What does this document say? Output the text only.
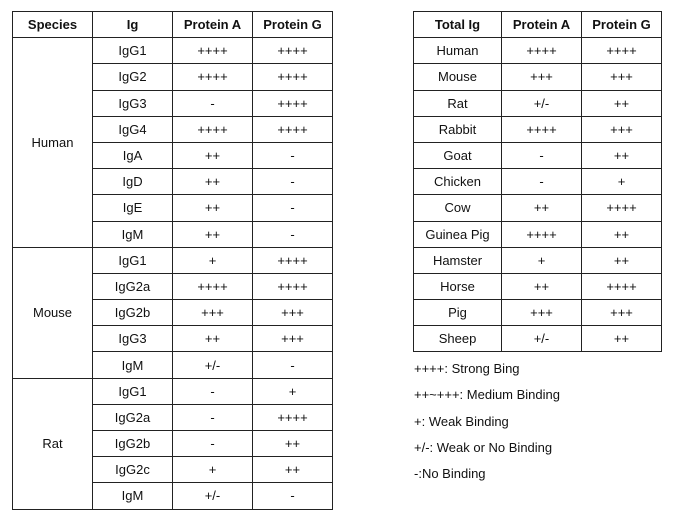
Species	Ig	Protein A	Protein G
Human	IgG1	++++	++++
	IgG2	++++	++++
	IgG3	-	++++
	IgG4	++++	++++
	IgA	++	-
	IgD	++	-
	IgE	++	-
	IgM	++	-
Mouse	IgG1	+	++++
	IgG2a	++++	++++
	IgG2b	+++	+++
	IgG3	++	+++
	IgM	+/-	-
Rat	IgG1	-	+
	IgG2a	-	++++
	IgG2b	-	++
	IgG2c	+	++
	IgM	+/-	-
Total Ig	Protein A	Protein G
Human	++++	++++
Mouse	+++	+++
Rat	+/-	++
Rabbit	++++	+++
Goat	-	++
Chicken	-	+
Cow	++	++++
Guinea Pig	++++	++
Hamster	+	++
Horse	++	++++
Pig	+++	+++
Sheep	+/-	++
++++: Strong Bing
++~+++: Medium Binding
+: Weak Binding
+/-: Weak or No Binding
-:No Binding
